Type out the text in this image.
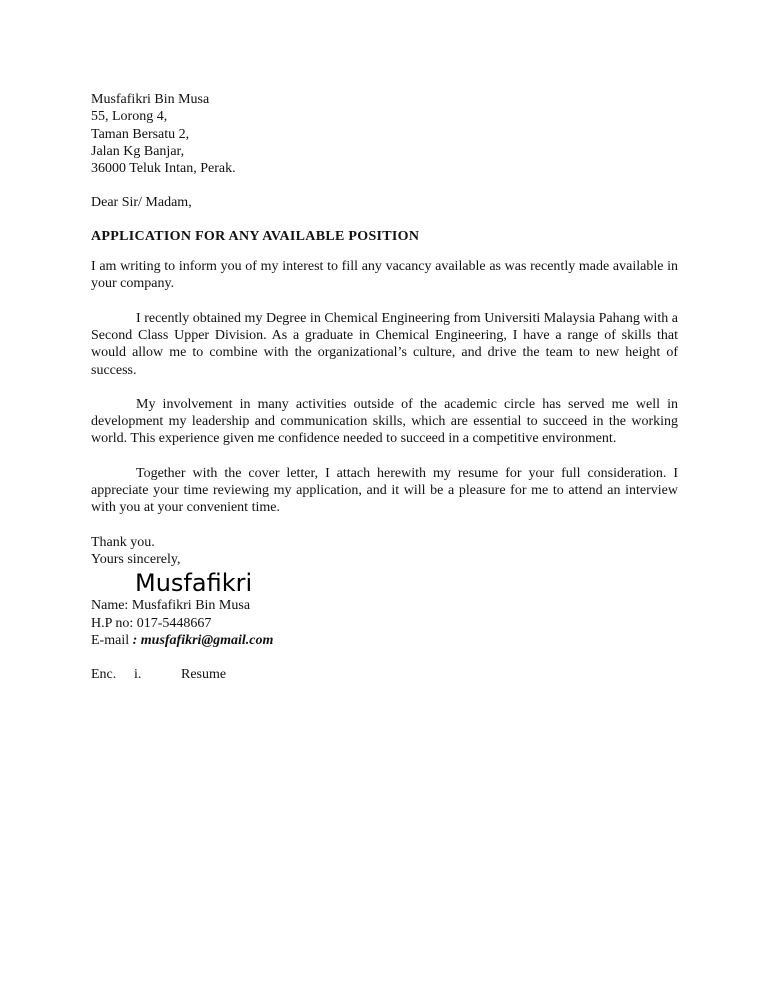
Musfafikri Bin Musa
55, Lorong 4,
Taman Bersatu 2,
Jalan Kg Banjar,
36000 Teluk Intan, Perak.
Dear Sir/ Madam,
APPLICATION FOR ANY AVAILABLE POSITION

I am writing to inform you of my interest to fill any vacancy available as was recently made available in your company.

I recently obtained my Degree in Chemical Engineering from Universiti Malaysia Pahang with a Second Class Upper Division. As a graduate in Chemical Engineering, I have a range of skills that would allow me to combine with the organizational’s culture, and drive the team to new height of success.

My involvement in many activities outside of the academic circle has served me well in development my leadership and communication skills, which are essential to succeed in the working world. This experience given me confidence needed to succeed in a competitive environment.

Together with the cover letter, I attach herewith my resume for your full consideration. I appreciate your time reviewing my application, and it will be a pleasure for me to attend an interview with you at your convenient time.

Thank you.
Yours sincerely,
Musfafikri
Name: Musfafikri Bin Musa
H.P no: 017-5448667
E-mail : musfafikri@gmail.com
Enc. i.	Resume
